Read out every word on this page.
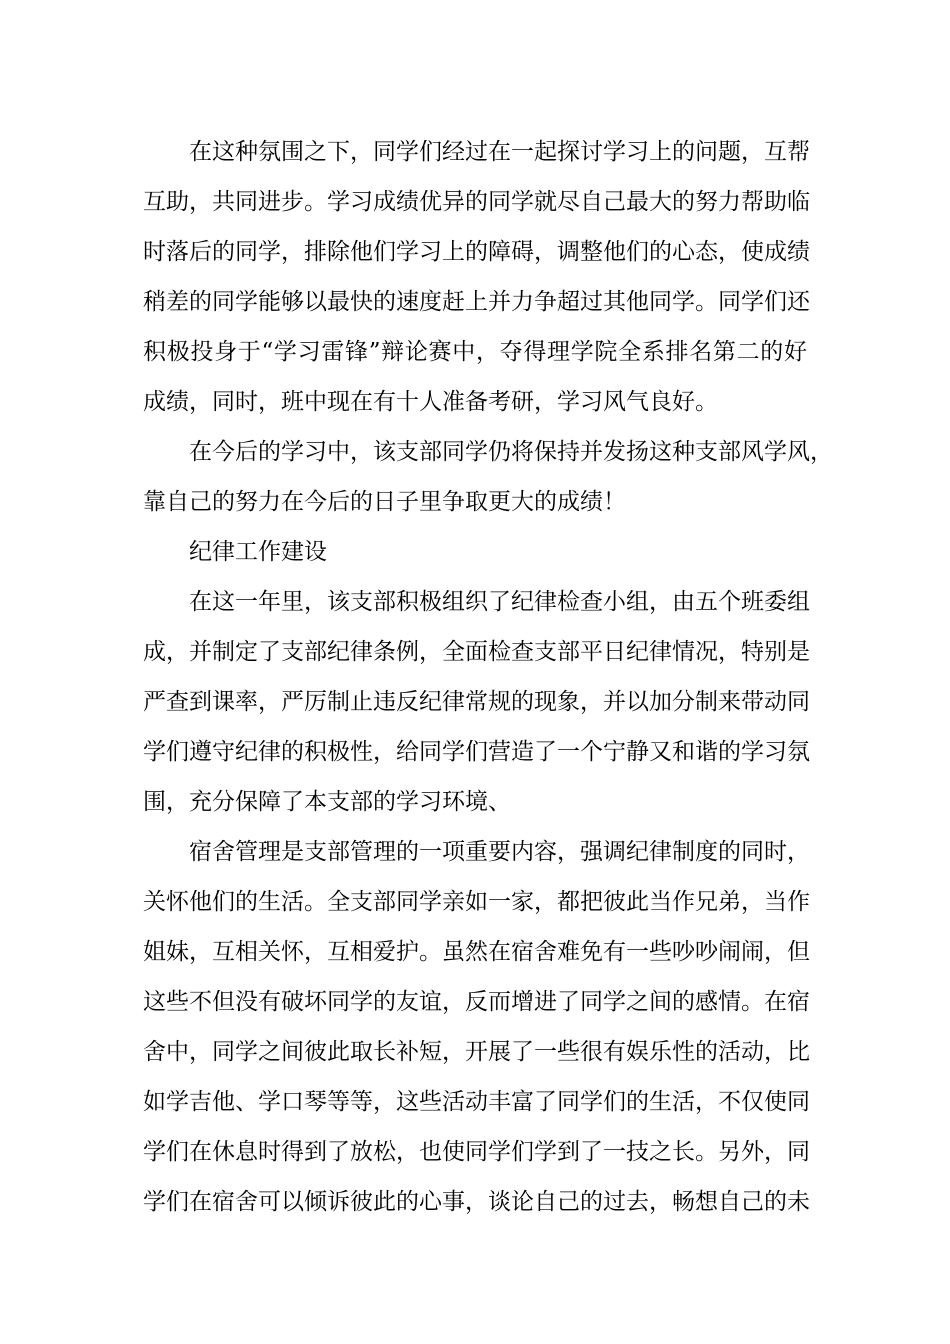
在这种氛围之下，同学们经过在一起探讨学习上的问题，互帮
互助，共同进步。学习成绩优异的同学就尽自己最大的努力帮助临
时落后的同学，排除他们学习上的障碍，调整他们的心态，使成绩
稍差的同学能够以最快的速度赶上并力争超过其他同学。同学们还
积极投身于“学习雷锋”辩论赛中，夺得理学院全系排名第二的好
成绩，同时，班中现在有十人准备考研，学习风气良好。
在今后的学习中，该支部同学仍将保持并发扬这种支部风学风，
靠自己的努力在今后的日子里争取更大的成绩！
纪律工作建设
在这一年里，该支部积极组织了纪律检查小组，由五个班委组
成，并制定了支部纪律条例，全面检查支部平日纪律情况，特别是
严查到课率，严厉制止违反纪律常规的现象，并以加分制来带动同
学们遵守纪律的积极性，给同学们营造了一个宁静又和谐的学习氛
围，充分保障了本支部的学习环境、
宿舍管理是支部管理的一项重要内容，强调纪律制度的同时，
关怀他们的生活。全支部同学亲如一家，都把彼此当作兄弟，当作
姐妹，互相关怀，互相爱护。虽然在宿舍难免有一些吵吵闹闹，但
这些不但没有破坏同学的友谊，反而增进了同学之间的感情。在宿
舍中，同学之间彼此取长补短，开展了一些很有娱乐性的活动，比
如学吉他、学口琴等等，这些活动丰富了同学们的生活，不仅使同
学们在休息时得到了放松，也使同学们学到了一技之长。另外，同
学们在宿舍可以倾诉彼此的心事，谈论自己的过去，畅想自己的未
